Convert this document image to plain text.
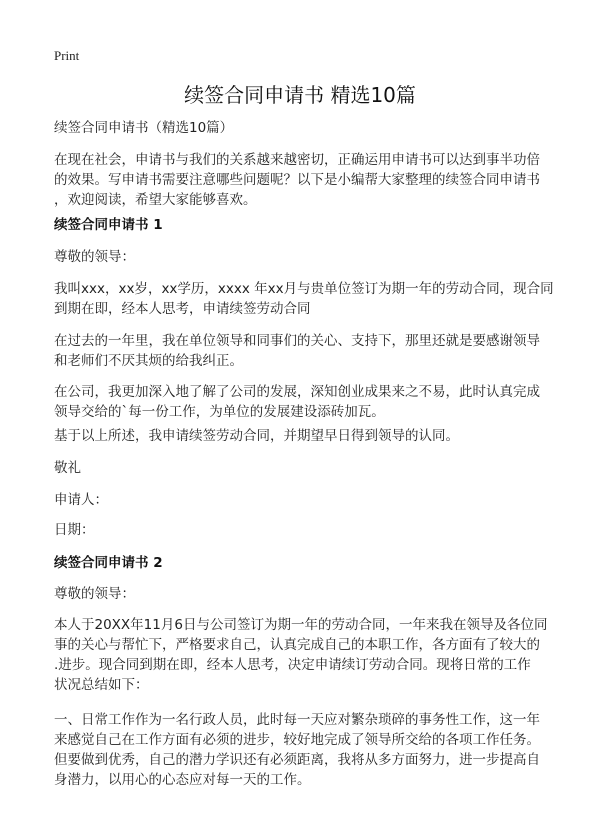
Print
续签合同申请书 精选10篇
续签合同申请书（精选10篇）
在现在社会，申请书与我们的关系越来越密切，正确运用申请书可以达到事半功倍
的效果。写申请书需要注意哪些问题呢？以下是小编帮大家整理的续签合同申请书
，欢迎阅读，希望大家能够喜欢。
续签合同申请书 1
尊敬的领导：
我叫xxx，xx岁，xx学历，xxxx 年xx月与贵单位签订为期一年的劳动合同，现合同
到期在即，经本人思考，申请续签劳动合同
在过去的一年里，我在单位领导和同事们的关心、支持下，那里还就是要感谢领导
和老师们不厌其烦的给我纠正。
在公司，我更加深入地了解了公司的发展，深知创业成果来之不易，此时认真完成
领导交给的`每一份工作，为单位的发展建设添砖加瓦。
基于以上所述，我申请续签劳动合同，并期望早日得到领导的认同。
敬礼
申请人：
日期：
续签合同申请书 2
尊敬的领导：
本人于20XX年11月6日与公司签订为期一年的劳动合同，一年来我在领导及各位同
事的关心与帮忙下，严格要求自己，认真完成自己的本职工作，各方面有了较大的
.进步。现合同到期在即，经本人思考，决定申请续订劳动合同。现将日常的工作
状况总结如下：
一、日常工作作为一名行政人员，此时每一天应对繁杂琐碎的事务性工作，这一年
来感觉自己在工作方面有必须的进步，较好地完成了领导所交给的各项工作任务。
但要做到优秀，自己的潜力学识还有必须距离，我将从多方面努力，进一步提高自
身潜力，以用心的心态应对每一天的工作。
